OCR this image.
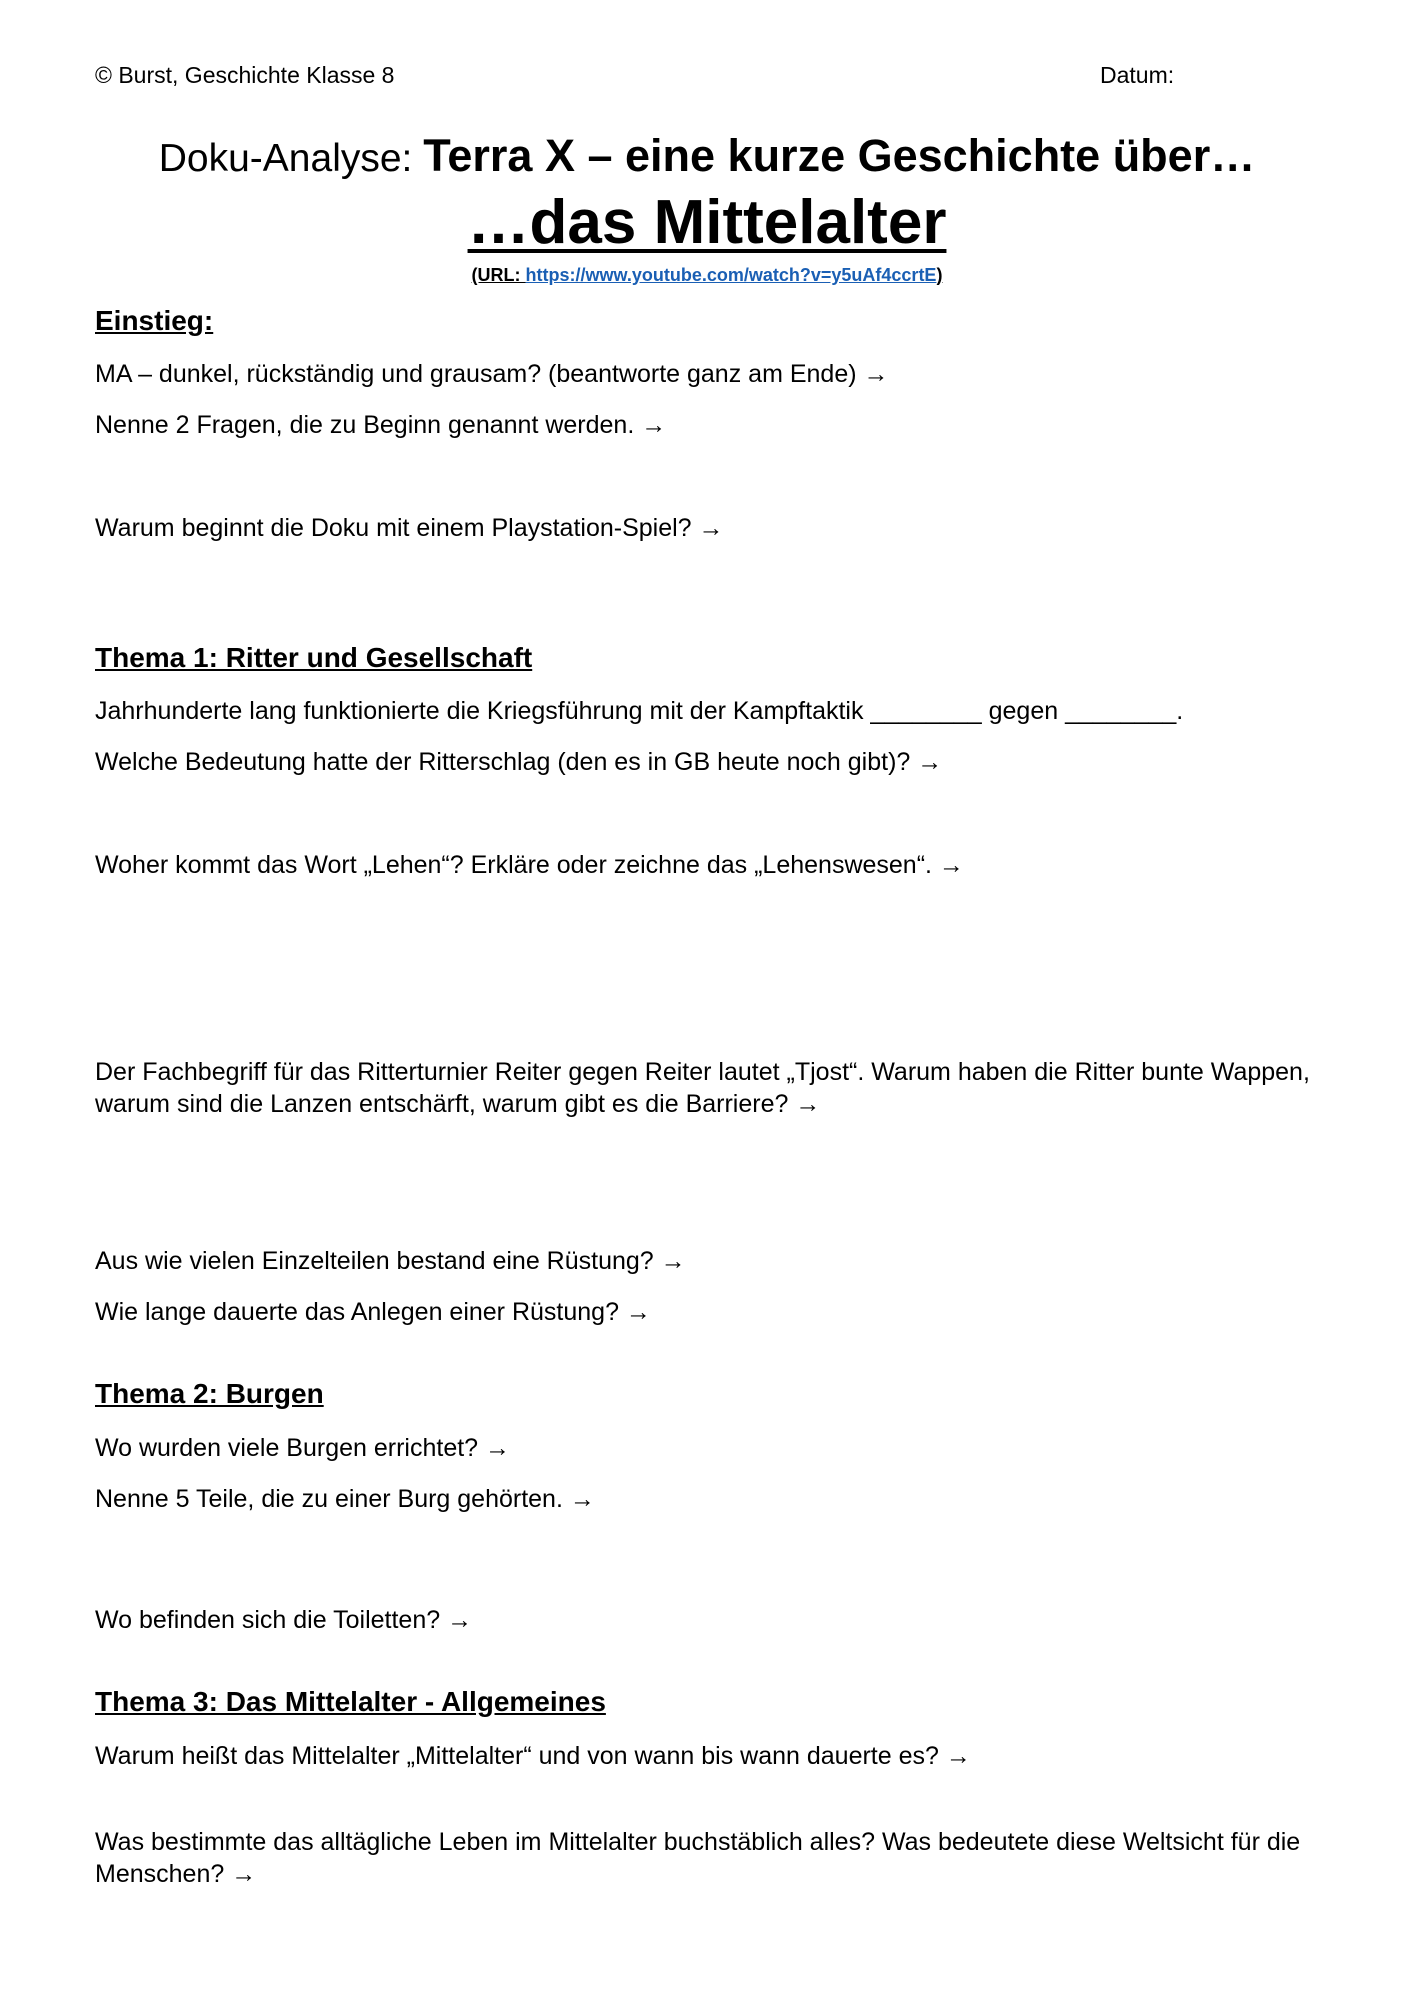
© Burst, Geschichte Klasse 8	Datum:
Doku-Analyse: Terra X – eine kurze Geschichte über…
…das Mittelalter
(URL: https://www.youtube.com/watch?v=y5uAf4ccrtE)
Einstieg:
MA – dunkel, rückständig und grausam? (beantworte ganz am Ende) →
Nenne 2 Fragen, die zu Beginn genannt werden. →
Warum beginnt die Doku mit einem Playstation-Spiel? →
Thema 1: Ritter und Gesellschaft
Jahrhunderte lang funktionierte die Kriegsführung mit der Kampftaktik ________ gegen ________.
Welche Bedeutung hatte der Ritterschlag (den es in GB heute noch gibt)? →
Woher kommt das Wort „Lehen“? Erkläre oder zeichne das „Lehenswesen“. →
Der Fachbegriff für das Ritterturnier Reiter gegen Reiter lautet „Tjost“. Warum haben die Ritter bunte Wappen, warum sind die Lanzen entschärft, warum gibt es die Barriere? →
Aus wie vielen Einzelteilen bestand eine Rüstung? →
Wie lange dauerte das Anlegen einer Rüstung? →
Thema 2: Burgen
Wo wurden viele Burgen errichtet? →
Nenne 5 Teile, die zu einer Burg gehörten. →
Wo befinden sich die Toiletten? →
Thema 3: Das Mittelalter - Allgemeines
Warum heißt das Mittelalter „Mittelalter“ und von wann bis wann dauerte es? →
Was bestimmte das alltägliche Leben im Mittelalter buchstäblich alles? Was bedeutete diese Weltsicht für die Menschen? →
